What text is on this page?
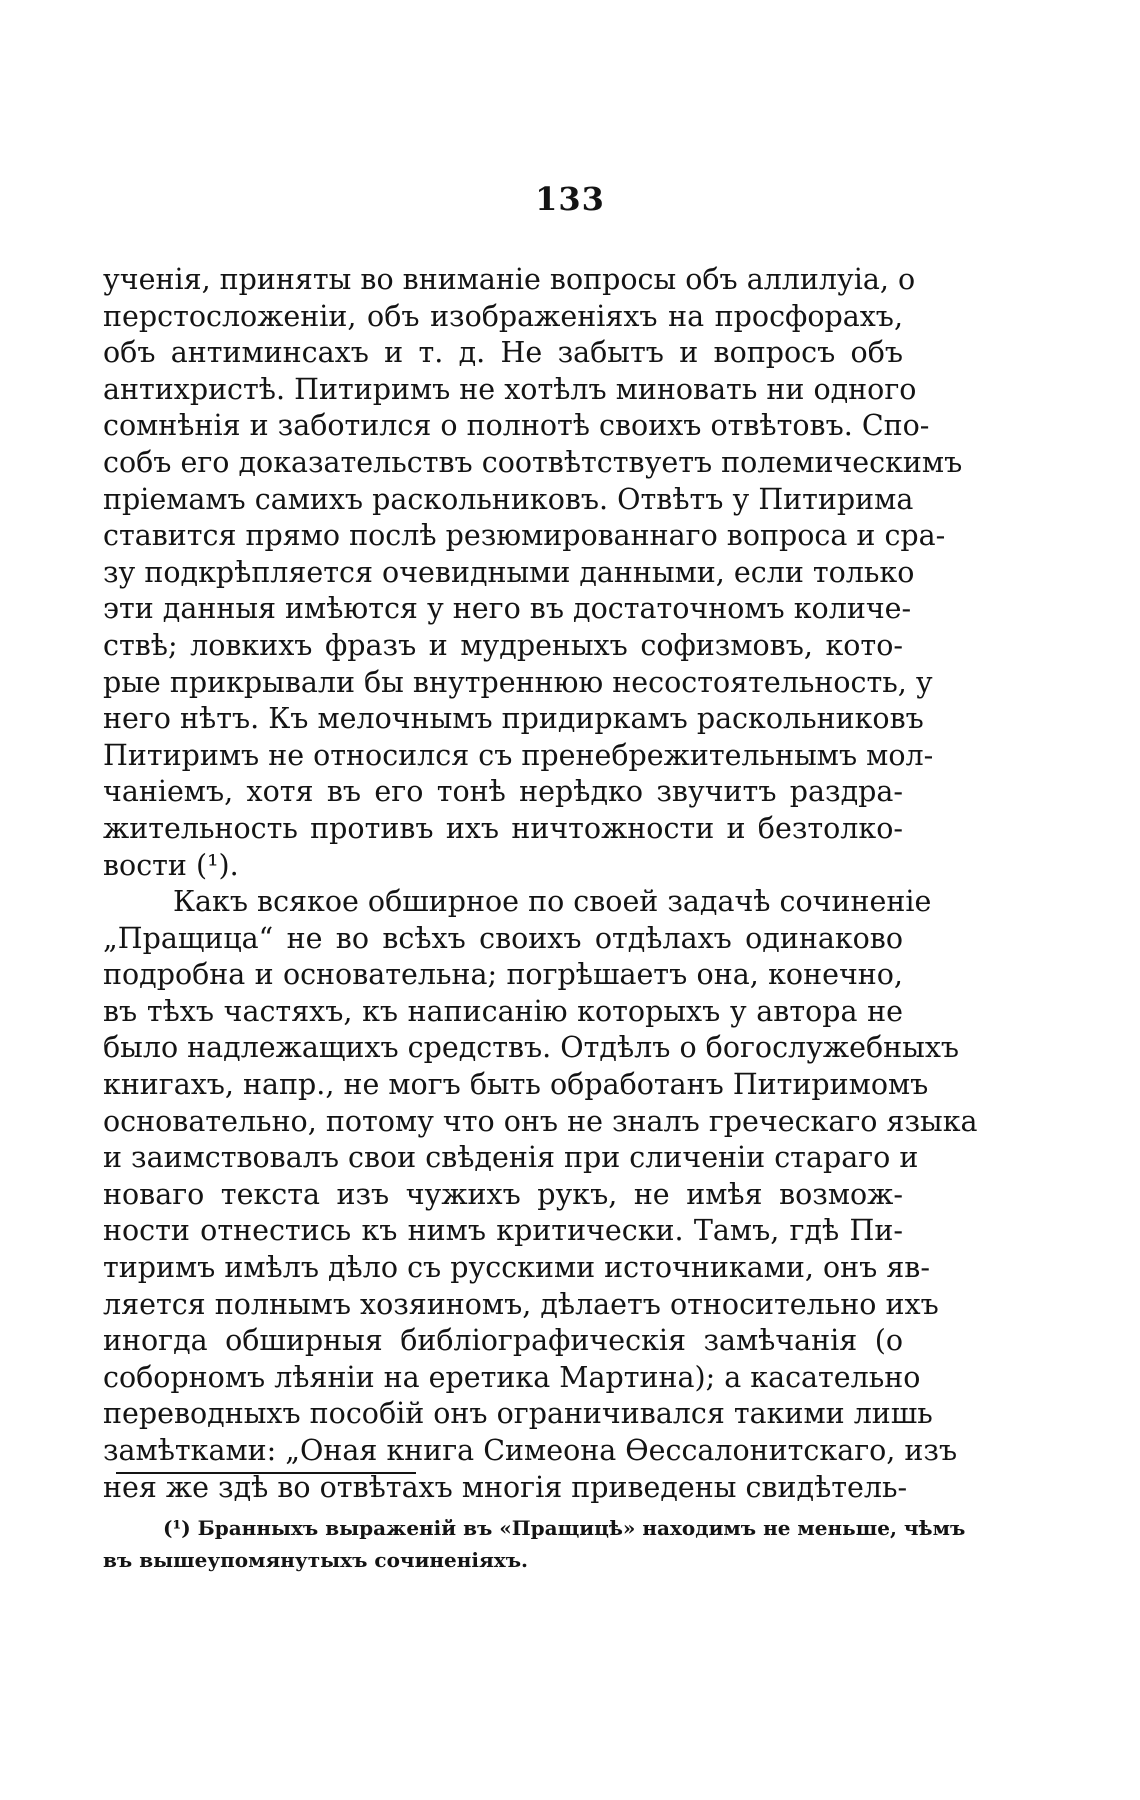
133
ученія, приняты во вниманіе вопросы объ аллилуіа, о
перстосложеніи, объ изображеніяхъ на просфорахъ,
объ антиминсахъ и т. д. Не забытъ и вопросъ объ
антихристѣ. Питиримъ не хотѣлъ миновать ни одного
сомнѣнія и заботился о полнотѣ своихъ отвѣтовъ. Спо-
собъ его доказательствъ соотвѣтствуетъ полемическимъ
пріемамъ самихъ раскольниковъ. Отвѣтъ у Питирима
ставится прямо послѣ резюмированнаго вопроса и сра-
зу подкрѣпляется очевидными данными, если только
эти данныя имѣются у него въ достаточномъ количе-
ствѣ; ловкихъ фразъ и мудреныхъ софизмовъ, кото-
рые прикрывали бы внутреннюю несостоятельность, у
него нѣтъ. Къ мелочнымъ придиркамъ раскольниковъ
Питиримъ не относился съ пренебрежительнымъ мол-
чаніемъ, хотя въ его тонѣ нерѣдко звучитъ раздра-
жительность противъ ихъ ничтожности и безтолко-
вости (¹).
Какъ всякое обширное по своей задачѣ сочиненіе
„Пращица“ не во всѣхъ своихъ отдѣлахъ одинаково
подробна и основательна; погрѣшаетъ она, конечно,
въ тѣхъ частяхъ, къ написанію которыхъ у автора не
было надлежащихъ средствъ. Отдѣлъ о богослужебныхъ
книгахъ, напр., не могъ быть обработанъ Питиримомъ
основательно, потому что онъ не зналъ греческаго языка
и заимствовалъ свои свѣденія при сличеніи стараго и
новаго текста изъ чужихъ рукъ, не имѣя возмож-
ности отнестись къ нимъ критически. Тамъ, гдѣ Пи-
тиримъ имѣлъ дѣло съ русскими источниками, онъ яв-
ляется полнымъ хозяиномъ, дѣлаетъ относительно ихъ
иногда обширныя библіографическія замѣчанія (о
соборномъ лѣяніи на еретика Мартина); а касательно
переводныхъ пособій онъ ограничивался такими лишь
замѣтками: „Оная книга Симеона Ѳессалонитскаго, изъ
нея же здѣ во отвѣтахъ многія приведены свидѣтель-
(¹) Бранныхъ выраженій въ «Пращицѣ» находимъ не меньше, чѣмъ
въ вышеупомянутыхъ сочиненіяхъ.
